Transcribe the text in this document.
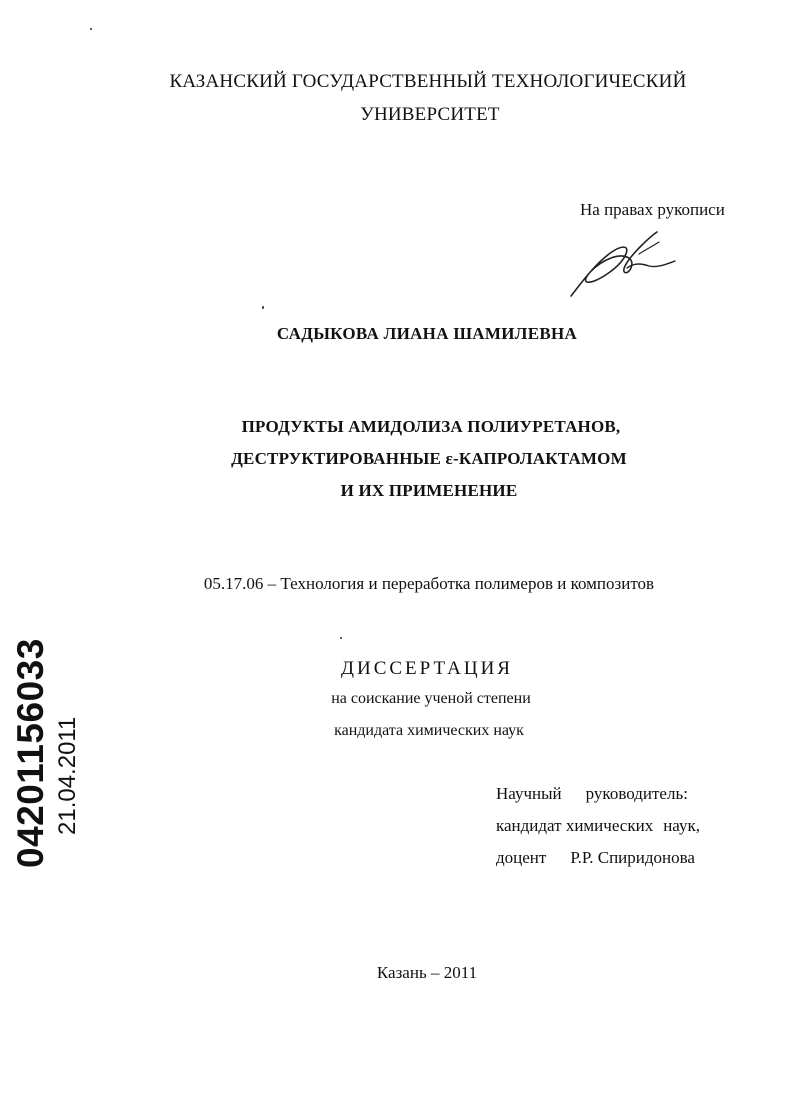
КАЗАНСКИЙ ГОСУДАРСТВЕННЫЙ ТЕХНОЛОГИЧЕСКИЙ
УНИВЕРСИТЕТ
На правах рукописи
САДЫКОВА ЛИАНА ШАМИЛЕВНА
ПРОДУКТЫ АМИДОЛИЗА ПОЛИУРЕТАНОВ,
ДЕСТРУКТИРОВАННЫЕ ε-КАПРОЛАКТАМОМ
И ИХ ПРИМЕНЕНИЕ
05.17.06 – Технология и переработка полимеров и композитов
ДИССЕРТАЦИЯ
на соискание ученой степени
кандидата химических наук
Научный руководитель:
кандидат химических наук,
доцент Р.Р. Спиридонова
Казань – 2011
04201156033 21.04.2011
